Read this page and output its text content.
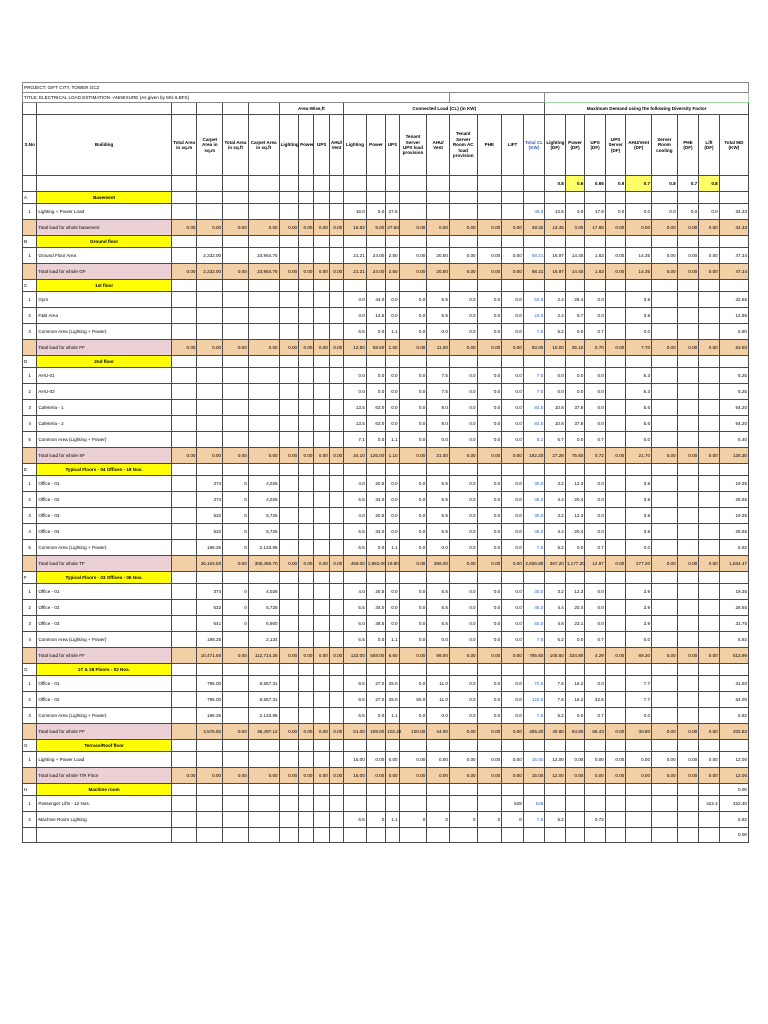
PROJECT: GIFT CITY, TOWER GC2																											
TITLE: ELECTRICAL LOAD ESTIMATION -ANNEXURE (As given by M/s ILBFS)																											
						Area-Wise,ft				Connected Load (CL) (in KW)									Maximum Demand using the following Diversity Factor								
S.No	Building	Total Area in sq.m	Carpet Area in sq.m	Total Area in sq.ft	Carpet Area in sq.ft	Lighting	Power	UPS	AHU/ Vent	Lighting	Power	UPS	Tenant Server UPS load provision	AHU/ Vent	Tenant Server Room AC load provision	PHE	LIFT	Total CL (KW)	Lighting (DF)	Power (DF)	UPS (DF)	UPS Server (DF)	AHU/Vent (DF)	Server Room cooling	PHE (DF)	Lift (DF)	Total MD (KW)
																			0.8	0.6	0.65	0.9	0.7	0.8	0.7	0.8	
A	Basement																										
1	Lighting + Power Load									16.0	5.0	27.5						49.3	13.5	3.0	17.9	0.0	0.0	0.0	0.0	0.0	34.33
	Total load for whole basement	0.00	0.00	0.00	0.00	0.00	0.00	0.00	0.00	16.82	5.00	27.50	0.00	0.00	0.00	0.00	0.00	49.32	13.46	3.00	17.88	0.00	0.00	0.00	0.00	0.00	34.33
B	Ground floor																										
1	Ground Floor Area		2,232.00		23,964.75					21.21	24.00	2.50	0.00	20.50	0.00	0.00	0.00	68.21	16.97	14.40	1.63	0.00	14.35	0.00	0.00	0.00	47.34
	Total load for whole GF	0.00	2,232.00	0.00	23,964.75	0.00	0.00	0.00	0.00	21.21	24.00	2.50	0.00	20.50	0.00	0.00	0.00	68.21	16.97	14.40	1.63	0.00	14.35	0.00	0.00	0.00	47.34
C	1st floor																										
1	Gym									3.0	44.0	0.0	0.0	5.5	0.0	0.0	0.0	52.5	2.4	26.4	0.0		3.9				32.65
2	F&B Area									3.0	14.5	0.0	0.0	5.5	0.0	0.0	0.0	23.0	2.4	8.7	0.0		3.9				14.95
3	Common Area (Lighting + Power)									6.5	0.0	1.1	0.0	0.0	0.0	0.0	0.0	7.6	5.2	0.0	0.7		0.0				5.90
	Total load for whole FF	0.00	0.00	0.00	0.00	0.00	0.00	0.00	0.00	12.50	58.50	1.00	0.00	11.00	0.00	0.00	0.00	83.00	10.00	35.10	0.70	0.00	7.70	0.00	0.00	0.00	53.50
D	2nd floor																										
1	AHU-01									0.0	0.0	0.0	0.0	7.5	0.0	0.0	0.0	7.5	0.0	0.0	0.0		5.3				5.25
2	AHU-02									0.0	0.0	0.0	0.0	7.5	0.0	0.0	0.0	7.5	0.0	0.0	0.0		5.3				5.25
3	Cafeteria - 1									13.5	63.0	0.0	0.0	8.0	0.0	0.0	0.0	84.5	10.8	37.8	0.0		5.6				54.20
4	Cafeteria - 2									13.5	63.0	0.0	0.0	8.0	0.0	0.0	0.0	84.5	10.8	37.8	0.0		5.6				54.20
5	Common Area (Lighting + Power)									7.1	0.0	1.1	0.0	0.0	0.0	0.0	0.0	8.2	5.7	0.0	0.7		0.0				6.40
	Total load for whole SF	0.00	0.00	0.00	0.00	0.00	0.00	0.00	0.00	34.10	126.00	1.10	0.00	31.00	0.00	0.00	0.00	192.20	27.28	75.60	0.72	0.00	21.70	0.00	0.00	0.00	125.30
E	Typical Floors - 04 Offices - 18 Nos.																										
1	Office - 01		374	0	4,026					4.0	20.5	0.0	0.0	5.5	0.0	0.0	0.0	30.0	3.2	12.3	0.0		3.9				19.35
2	Office - 02		374	0	4,026					5.5	34.0	0.0	0.0	5.5	0.0	0.0	0.0	45.0	4.4	20.4	0.0		3.9				28.65
3	Office - 03		532	0	5,726					4.0	20.5	0.0	0.0	5.5	0.0	0.0	0.0	30.0	3.2	12.3	0.0		3.9				19.35
4	Office - 04		532	0	5,726					5.5	34.0	0.0	0.0	5.5	0.0	0.0	0.0	45.0	4.4	20.4	0.0		3.9				28.65
5	Common Area (Lighting + Power)		198.25	0	2,133.95					6.5	0.0	1.1	0.0	0.0	0.0	0.0	0.0	7.6	5.2	0.0	0.7		0.0				5.92
	Total load for whole TF		36,104.50	0.00	309,486.70	0.00	0.00	0.00	0.00	459.00	1,962.00	19.80	0.00	396.00	0.00	0.00	0.00	2,836.80	367.20	1,177.20	12.87	0.00	277.20	0.00	0.00	0.00	1,834.47
F	Typical Floors - 03 Offices - 06 Nos.																										
1	Office - 01		374	0	4,026					4.0	20.5	0.0	0.0	5.5	0.0	0.0	0.0	30.0	3.2	12.3	0.0		3.9				19.35
2	Office - 02		532	0	5,726					5.5	34.0	0.0	0.0	5.5	0.0	0.0	0.0	45.0	4.4	20.4	0.0		3.9				28.65
3	Office - 03		641	0	6,900					6.0	38.5	0.0	0.0	5.5	0.0	0.0	0.0	50.0	4.8	23.1	0.0		3.9				31.75
4	Common Area (Lighting + Power)		198.25		2,134					6.5	0.0	1.1	0.0	0.0	0.0	0.0	0.0	7.6	5.2	0.0	0.7		0.0				5.92
	Total load for whole FF		10,471.50	0.00	112,714.28	0.00	0.00	0.00	0.00	132.00	558.00	6.60	0.00	99.00	0.00	0.00	0.00	795.60	105.60	334.80	4.29	0.00	69.30	0.00	0.00	0.00	513.99
G	27 & 28 Floors - 02 Nos.																										
1	Office - 01		795.00		8,557.31					9.5	27.0	25.0	0.0	11.0	0.0	0.0	0.0	72.5	7.6	16.2	0.0		7.7				31.50
2	Office - 02		795.00		8,557.31					9.5	27.0	25.0	50.0	11.0	0.0	0.0	0.0	122.5	7.6	16.2	32.5		7.7				64.00
3	Common Area (Lighting + Power)		198.25		2,133.95					6.5	0.0	1.1	0.0	0.0	0.0	0.0	0.0	7.6	5.2	0.0	0.7		0.0				5.92
	Total load for whole FF		3,576.50	0.00	38,497.12	0.00	0.00	0.00	0.00	51.00	108.00	102.20	100.00	44.00	0.00	0.00	0.00	405.20	40.80	64.80	66.43	0.00	30.80	0.00	0.00	0.00	202.83
G	Terrace/Roof floor																										
1	Lighting + Power Load									15.00	0.00	0.00	0.00	0.00	0.00	0.00	0.00	15.00	12.00	0.00	0.00	0.00	0.00	0.00	0.00	0.00	12.00
	Total load for whole T/R Floor	0.00	0.00	0.00	0.00	0.00	0.00	0.00	0.00	15.00	0.00	0.00	0.00	0.00	0.00	0.00	0.00	15.00	12.00	0.00	0.00	0.00	0.00	0.00	0.00	0.00	12.00
H	Machine room																										0.00
1	Passenger Lifts - 12 Nos.																528	528								422.4	422.40
2	Machine Room Lighting									6.5	0	1.1	0	0	0	0	0	7.6	5.2		0.72						5.92
																											0.00
